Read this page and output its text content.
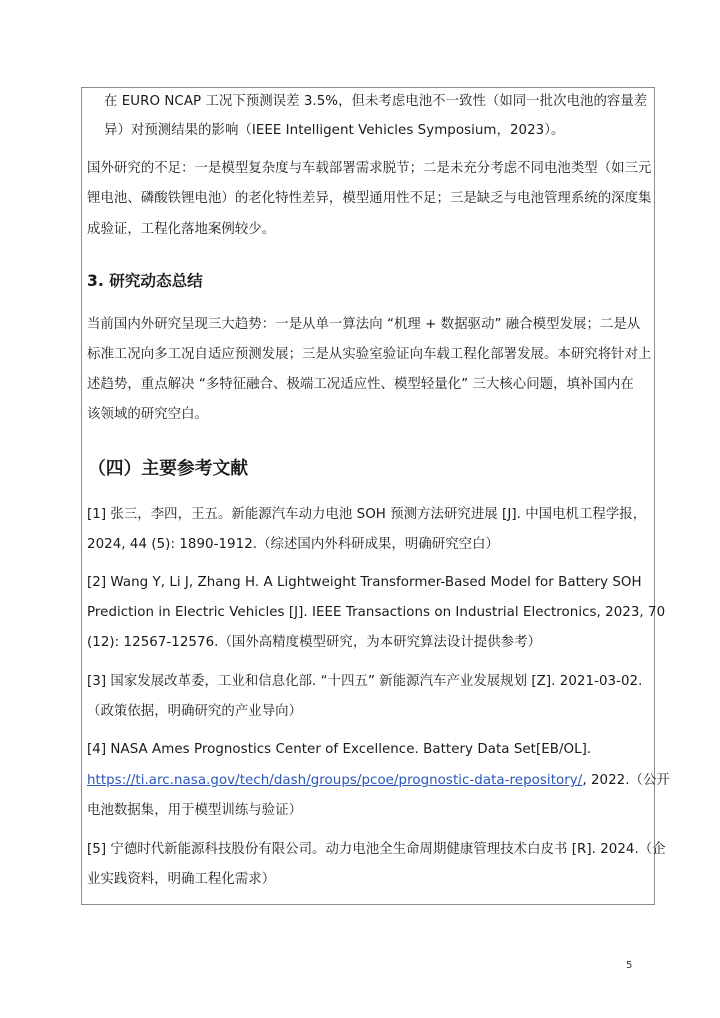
在 EURO NCAP 工况下预测误差 3.5%，但未考虑电池不一致性（如同一批次电池的容量差
异）对预测结果的影响（IEEE Intelligent Vehicles Symposium，2023）。
国外研究的不足：一是模型复杂度与车载部署需求脱节；二是未充分考虑不同电池类型（如三元
锂电池、磷酸铁锂电池）的老化特性差异，模型通用性不足；三是缺乏与电池管理系统的深度集
成验证，工程化落地案例较少。
3. 研究动态总结
当前国内外研究呈现三大趋势：一是从单一算法向 “机理 + 数据驱动” 融合模型发展；二是从
标准工况向多工况自适应预测发展；三是从实验室验证向车载工程化部署发展。本研究将针对上
述趋势，重点解决 “多特征融合、极端工况适应性、模型轻量化” 三大核心问题，填补国内在
该领域的研究空白。
（四）主要参考文献
[1] 张三，李四，王五。新能源汽车动力电池 SOH 预测方法研究进展 [J]. 中国电机工程学报，
2024, 44 (5): 1890-1912.（综述国内外科研成果，明确研究空白）
[2] Wang Y, Li J, Zhang H. A Lightweight Transformer-Based Model for Battery SOH
Prediction in Electric Vehicles [J]. IEEE Transactions on Industrial Electronics, 2023, 70
(12): 12567-12576.（国外高精度模型研究，为本研究算法设计提供参考）
[3] 国家发展改革委，工业和信息化部. “十四五” 新能源汽车产业发展规划 [Z]. 2021-03-02.
（政策依据，明确研究的产业导向）
[4] NASA Ames Prognostics Center of Excellence. Battery Data Set[EB/OL].
https://ti.arc.nasa.gov/tech/dash/groups/pcoe/prognostic-data-repository/, 2022.（公开
电池数据集，用于模型训练与验证）
[5] 宁德时代新能源科技股份有限公司。动力电池全生命周期健康管理技术白皮书 [R]. 2024.（企
业实践资料，明确工程化需求）
5
